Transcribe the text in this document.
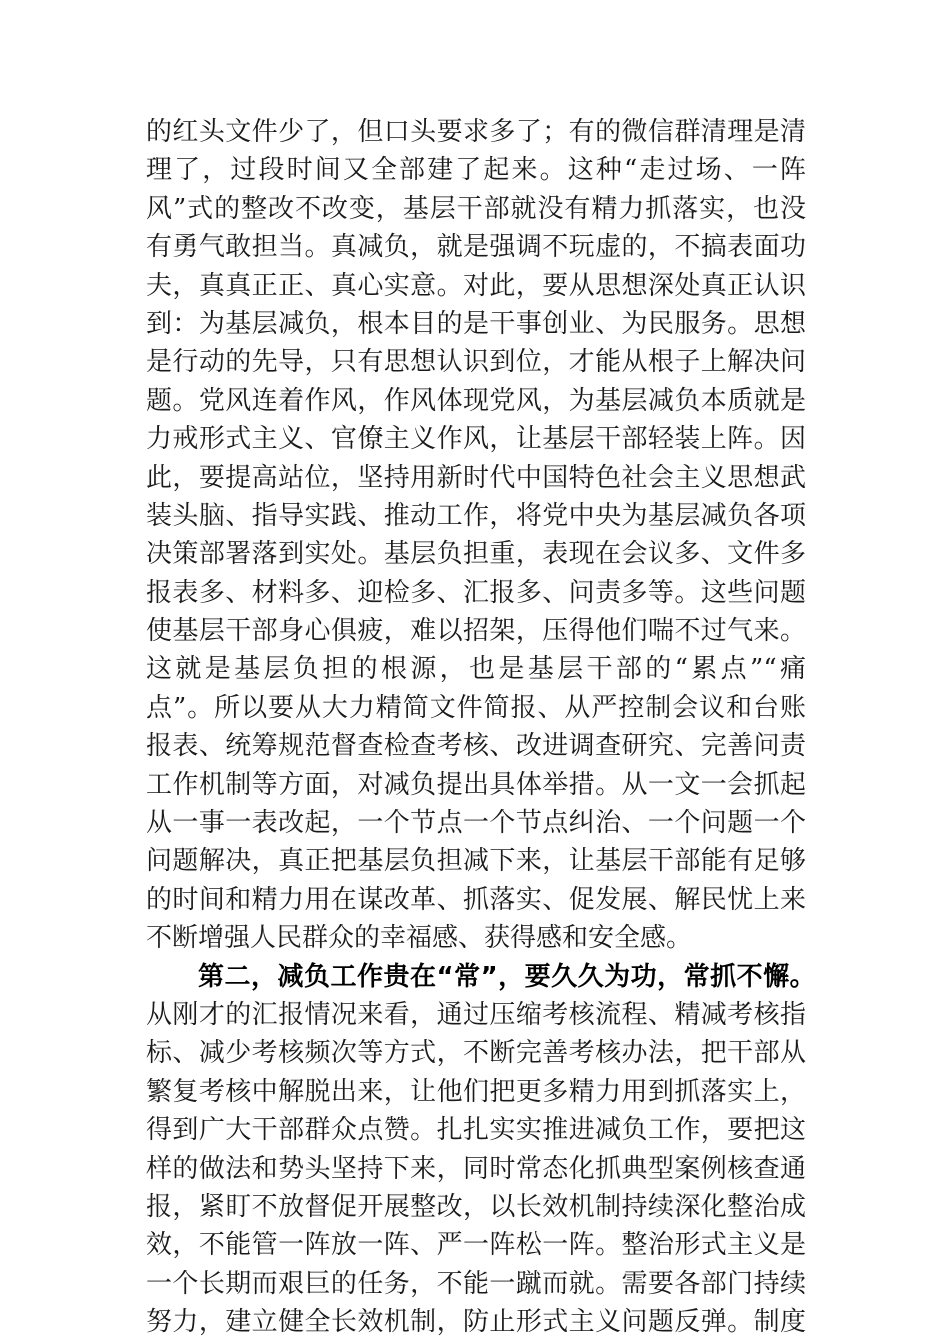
的红头文件少了，但口头要求多了；有的微信群清理是清
理了，过段时间又全部建了起来。这种“走过场、一阵
风”式的整改不改变，基层干部就没有精力抓落实，也没
有勇气敢担当。真减负，就是强调不玩虚的，不搞表面功
夫，真真正正、真心实意。对此，要从思想深处真正认识
到：为基层减负，根本目的是干事创业、为民服务。思想
是行动的先导，只有思想认识到位，才能从根子上解决问
题。党风连着作风，作风体现党风，为基层减负本质就是
力戒形式主义、官僚主义作风，让基层干部轻装上阵。因
此，要提高站位，坚持用新时代中国特色社会主义思想武
装头脑、指导实践、推动工作，将党中央为基层减负各项
决策部署落到实处。基层负担重，表现在会议多、文件多
报表多、材料多、迎检多、汇报多、问责多等。这些问题
使基层干部身心俱疲，难以招架，压得他们喘不过气来。
这就是基层负担的根源，也是基层干部的“累点”“痛
点”。所以要从大力精简文件简报、从严控制会议和台账
报表、统筹规范督查检查考核、改进调查研究、完善问责
工作机制等方面，对减负提出具体举措。从一文一会抓起
从一事一表改起，一个节点一个节点纠治、一个问题一个
问题解决，真正把基层负担减下来，让基层干部能有足够
的时间和精力用在谋改革、抓落实、促发展、解民忧上来
不断增强人民群众的幸福感、获得感和安全感。
第二，减负工作贵在“常”，要久久为功，常抓不懈。
从刚才的汇报情况来看，通过压缩考核流程、精减考核指
标、减少考核频次等方式，不断完善考核办法，把干部从
繁复考核中解脱出来，让他们把更多精力用到抓落实上，
得到广大干部群众点赞。扎扎实实推进减负工作，要把这
样的做法和势头坚持下来，同时常态化抓典型案例核查通
报，紧盯不放督促开展整改，以长效机制持续深化整治成
效，不能管一阵放一阵、严一阵松一阵。整治形式主义是
一个长期而艰巨的任务，不能一蹴而就。需要各部门持续
努力，建立健全长效机制，防止形式主义问题反弹。制度
